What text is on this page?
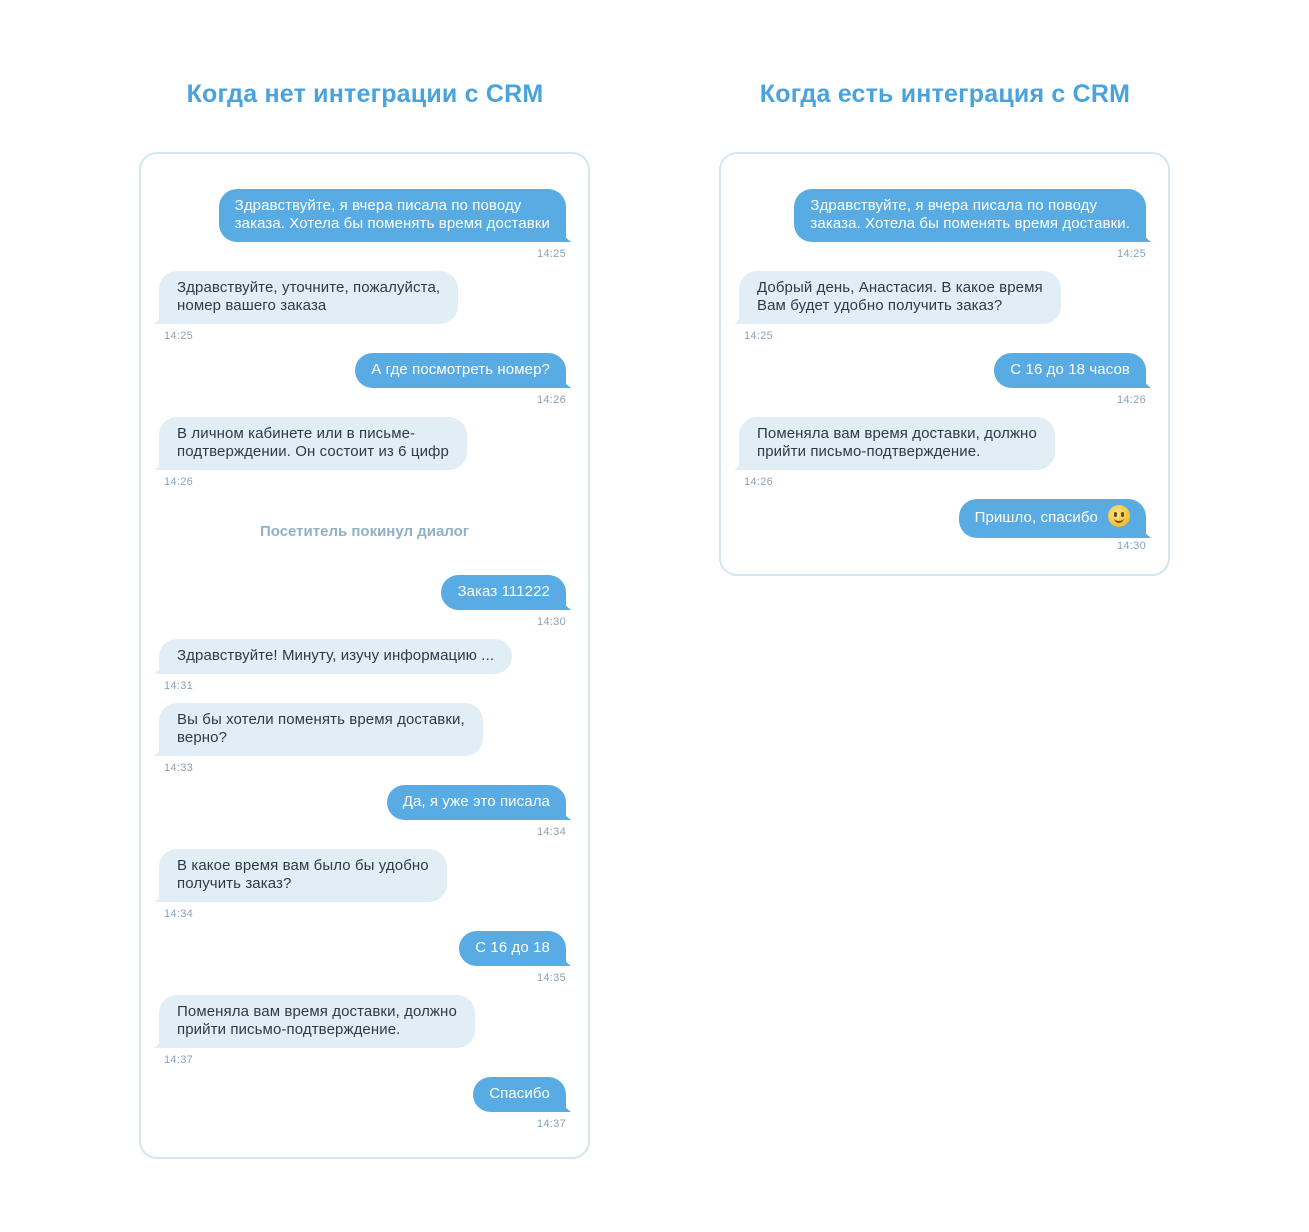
Когда нет интеграции с CRM	Когда есть интеграция с CRM
Здравствуйте, я вчера писала по поводу
заказа. Хотела бы поменять время доставки
14:25
Здравствуйте, уточните, пожалуйста,
номер вашего заказа
14:25
А где посмотреть номер?
14:26
В личном кабинете или в письме-
подтверждении. Он состоит из 6 цифр
14:26
Посетитель покинул диалог
Заказ 111222
14:30
Здравствуйте! Минуту, изучу информацию ...
14:31
Вы бы хотели поменять время доставки,
верно?
14:33
Да, я уже это писала
14:34
В какое время вам было бы удобно
получить заказ?
14:34
С 16 до 18
14:35
Поменяла вам время доставки, должно
прийти письмо-подтверждение.
14:37
Спасибо
14:37
Здравствуйте, я вчера писала по поводу
заказа. Хотела бы поменять время доставки.
14:25
Добрый день, Анастасия. В какое время
Вам будет удобно получить заказ?
14:25
С 16 до 18 часов
14:26
Поменяла вам время доставки, должно
прийти письмо-подтверждение.
14:26
Пришло, спасибо
14:30
